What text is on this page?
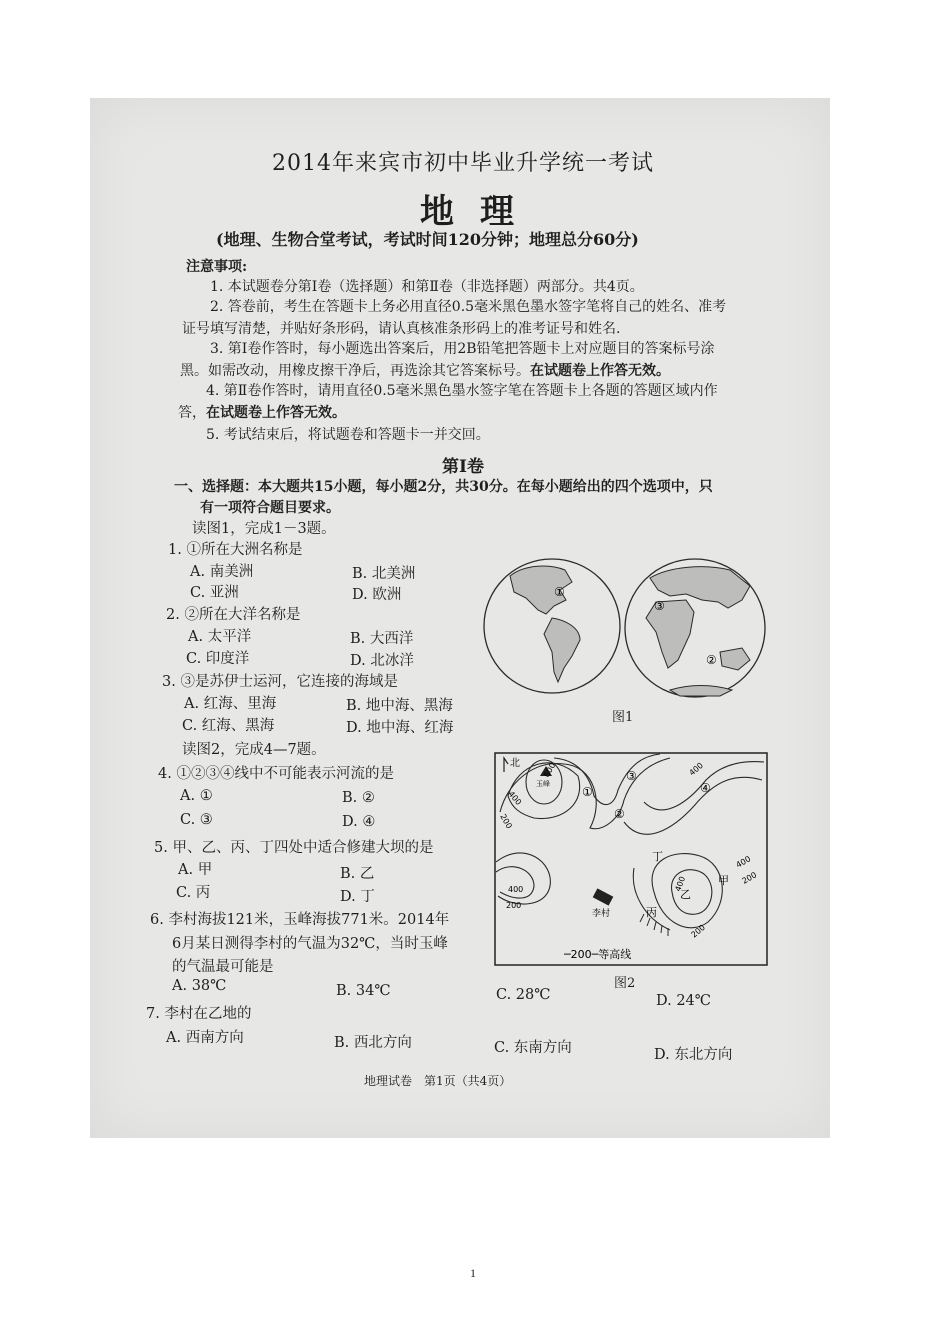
2014年来宾市初中毕业升学统一考试
地理
(地理、生物合堂考试，考试时间120分钟；地理总分60分)
注意事项:
1. 本试题卷分第Ⅰ卷（选择题）和第Ⅱ卷（非选择题）两部分。共4页。
2. 答卷前，考生在答题卡上务必用直径0.5毫米黑色墨水签字笔将自己的姓名、准考
证号填写清楚，并贴好条形码，请认真核准条形码上的准考证号和姓名.
3. 第Ⅰ卷作答时，每小题选出答案后，用2B铅笔把答题卡上对应题目的答案标号涂
黑。如需改动，用橡皮擦干净后，再选涂其它答案标号。在试题卷上作答无效。
4. 第Ⅱ卷作答时，请用直径0.5毫米黑色墨水签字笔在答题卡上各题的答题区域内作
答，在试题卷上作答无效。
5. 考试结束后，将试题卷和答题卡一并交回。
第Ⅰ卷
一、选择题：本大题共15小题，每小题2分，共30分。在每小题给出的四个选项中，只
有一项符合题目要求。
读图1，完成1－3题。
1. ①所在大洲名称是
A. 南美洲	B. 北美洲
C. 亚洲	D. 欧洲
2. ②所在大洋名称是
A. 太平洋	B. 大西洋
C. 印度洋	D. 北冰洋
3. ③是苏伊士运河，它连接的海域是
A. 红海、里海	B. 地中海、黑海
C. 红海、黑海	D. 地中海、红海
读图2，完成4—7题。
4. ①②③④线中不可能表示河流的是
A. ①	B. ②
C. ③	D. ④
5. 甲、乙、丙、丁四处中适合修建大坝的是
A. 甲	B. 乙
C. 丙	D. 丁
6. 李村海拔121米，玉峰海拔771米。2014年
6月某日测得李村的气温为32℃，当时玉峰
的气温最可能是
A. 38℃	B. 34℃	C. 28℃	D. 24℃
7. 李村在乙地的
A. 西南方向	B. 西北方向	C. 东南方向	D. 东北方向
①
②
③
图1
北
玉峰
李村
①
②
③
④
甲
乙
丙
丁
600
400
200
400
400
200
400
200
400
200
─200─等高线
图2
地理试卷　第1页（共4页）
1
